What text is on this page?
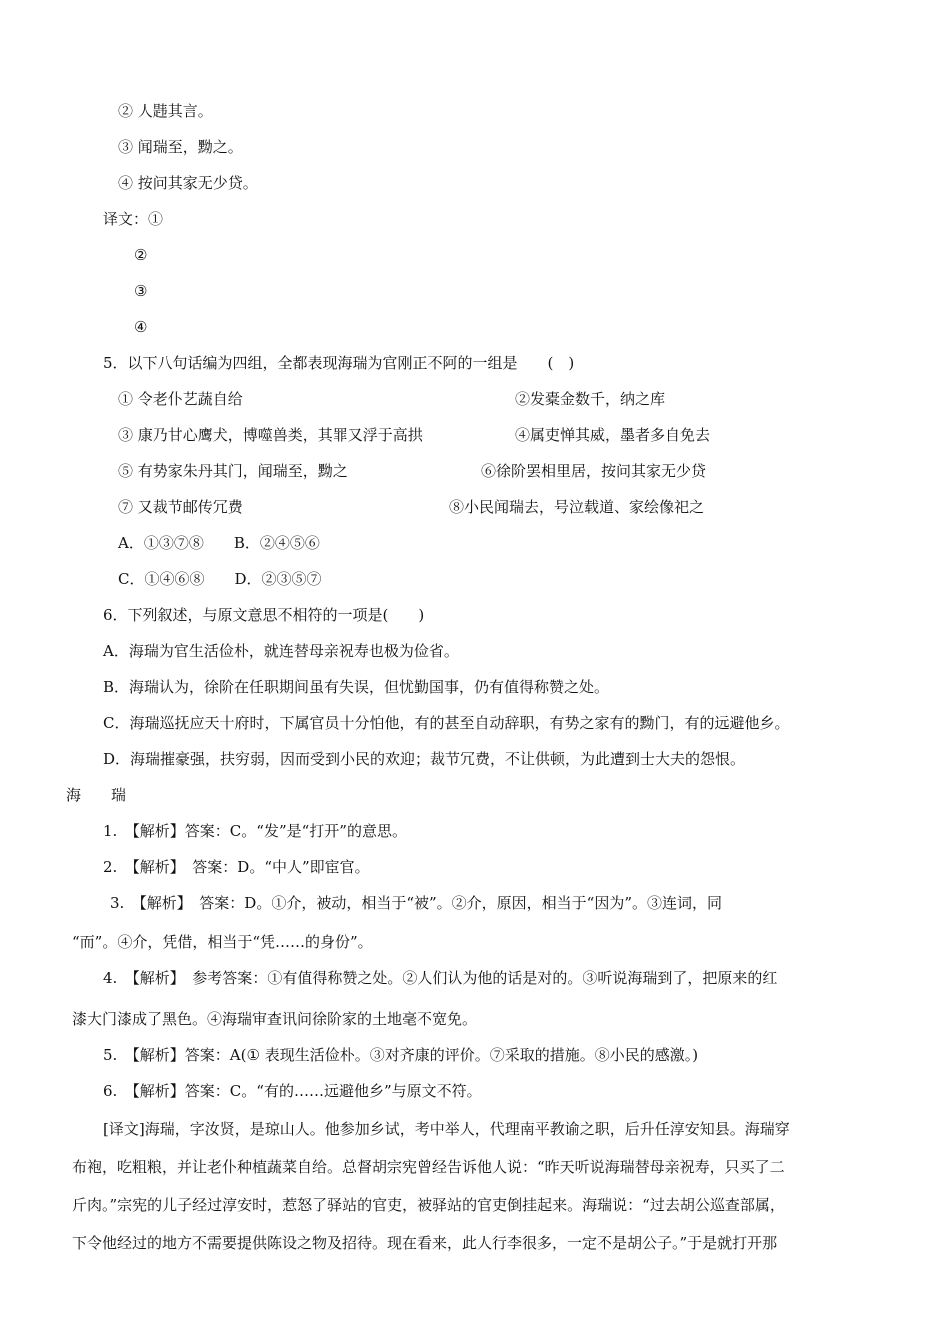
② 人韪其言。
③ 闻瑞至，黝之。
④ 按问其家无少贷。
译文：①
②
③
④
5．以下八句话编为四组，全都表现海瑞为官刚正不阿的一组是　　(　)
① 令老仆艺蔬自给	②发橐金数千，纳之库
③ 康乃甘心鹰犬，博噬兽类，其罪又浮于高拱	④属吏惮其威，墨者多自免去
⑤ 有势家朱丹其门，闻瑞至，黝之	⑥徐阶罢相里居，按问其家无少贷
⑦ 又裁节邮传冗费	⑧小民闻瑞去，号泣载道、家绘像祀之
A．①③⑦⑧　　B．②④⑤⑥
C．①④⑥⑧　　D．②③⑤⑦
6．下列叙述，与原文意思不相符的一项是(　　)
A．海瑞为官生活俭朴，就连替母亲祝寿也极为俭省。
B．海瑞认为，徐阶在任职期间虽有失误，但忧勤国事，仍有值得称赞之处。
C．海瑞巡抚应天十府时，下属官员十分怕他，有的甚至自动辞职，有势之家有的黝门，有的远避他乡。
D．海瑞摧豪强，扶穷弱，因而受到小民的欢迎；裁节冗费，不让供顿，为此遭到士大夫的怨恨。
海　　瑞
1.　【解析】答案：C。“发”是“打开”的意思。
2.　【解析】　答案：D。“中人”即宦官。
3.　【解析】　答案：D。①介，被动，相当于“被”。②介，原因，相当于“因为”。③连词，同
“而”。④介，凭借，相当于“凭……的身份”。
4.　【解析】　参考答案：①有值得称赞之处。②人们认为他的话是对的。③听说海瑞到了，把原来的红
漆大门漆成了黑色。④海瑞审查讯问徐阶家的土地毫不宽免。
5.　【解析】答案：A(① 表现生活俭朴。③对齐康的评价。⑦采取的措施。⑧小民的感激。)
6.　【解析】答案：C。“有的……远避他乡”与原文不符。
[译文]海瑞，字汝贤，是琼山人。他参加乡试，考中举人，代理南平教谕之职，后升任淳安知县。海瑞穿
布袍，吃粗粮，并让老仆种植蔬菜自给。总督胡宗宪曾经告诉他人说：“昨天听说海瑞替母亲祝寿，只买了二
斤肉。”宗宪的儿子经过淳安时，惹怒了驿站的官吏，被驿站的官吏倒挂起来。海瑞说：“过去胡公巡查部属，
下令他经过的地方不需要提供陈设之物及招待。现在看来，此人行李很多，一定不是胡公子。”于是就打开那
